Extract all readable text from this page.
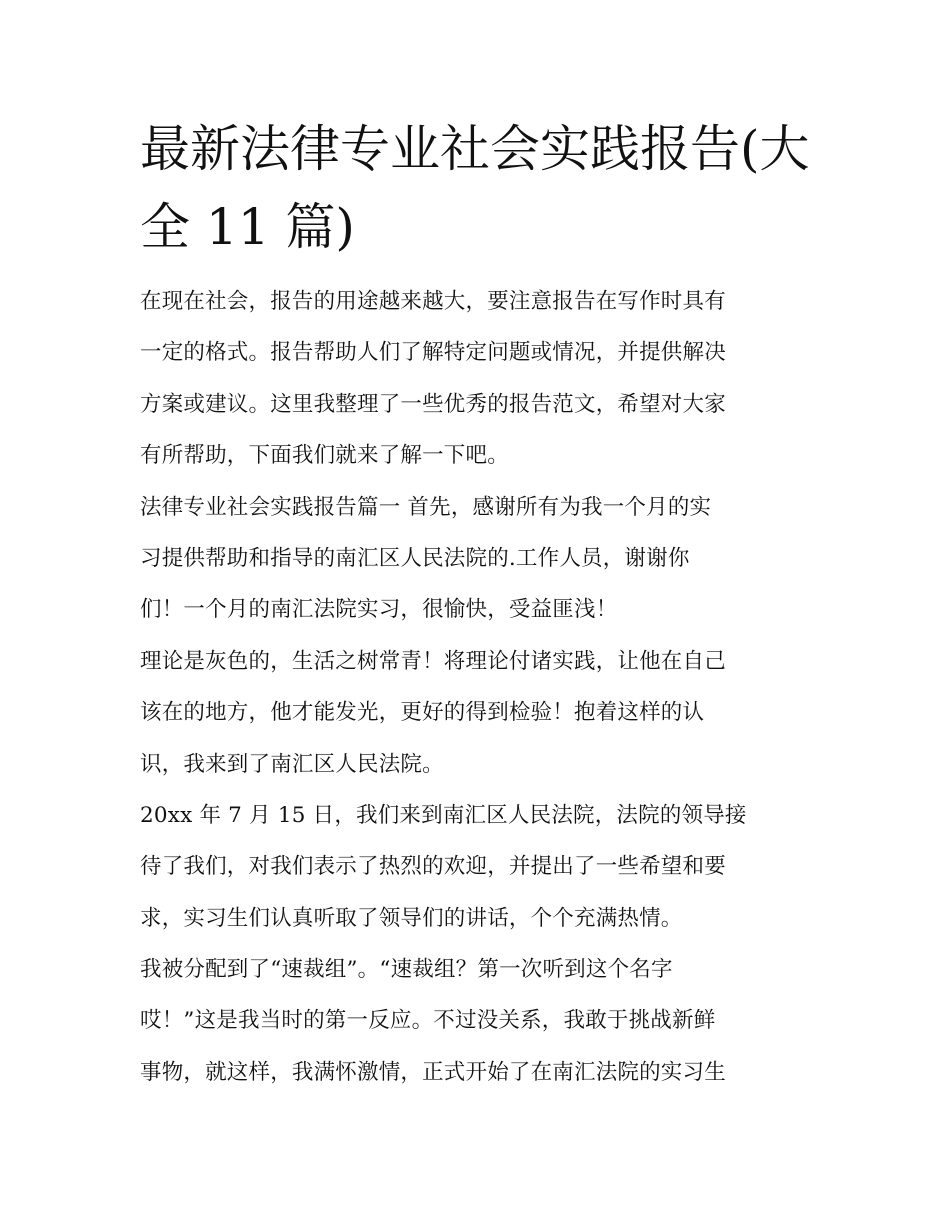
最新法律专业社会实践报告(大
全 11 篇)
在现在社会，报告的用途越来越大，要注意报告在写作时具有
一定的格式。报告帮助人们了解特定问题或情况，并提供解决
方案或建议。这里我整理了一些优秀的报告范文，希望对大家
有所帮助，下面我们就来了解一下吧。
法律专业社会实践报告篇一 首先，感谢所有为我一个月的实
习提供帮助和指导的南汇区人民法院的.工作人员，谢谢你
们！一个月的南汇法院实习，很愉快，受益匪浅！
理论是灰色的，生活之树常青！将理论付诸实践，让他在自己
该在的地方，他才能发光，更好的得到检验！抱着这样的认
识，我来到了南汇区人民法院。
20xx 年 7 月 15 日，我们来到南汇区人民法院，法院的领导接
待了我们，对我们表示了热烈的欢迎，并提出了一些希望和要
求，实习生们认真听取了领导们的讲话，个个充满热情。
我被分配到了“速裁组”。“速裁组？第一次听到这个名字
哎！”这是我当时的第一反应。不过没关系，我敢于挑战新鲜
事物，就这样，我满怀激情，正式开始了在南汇法院的实习生
